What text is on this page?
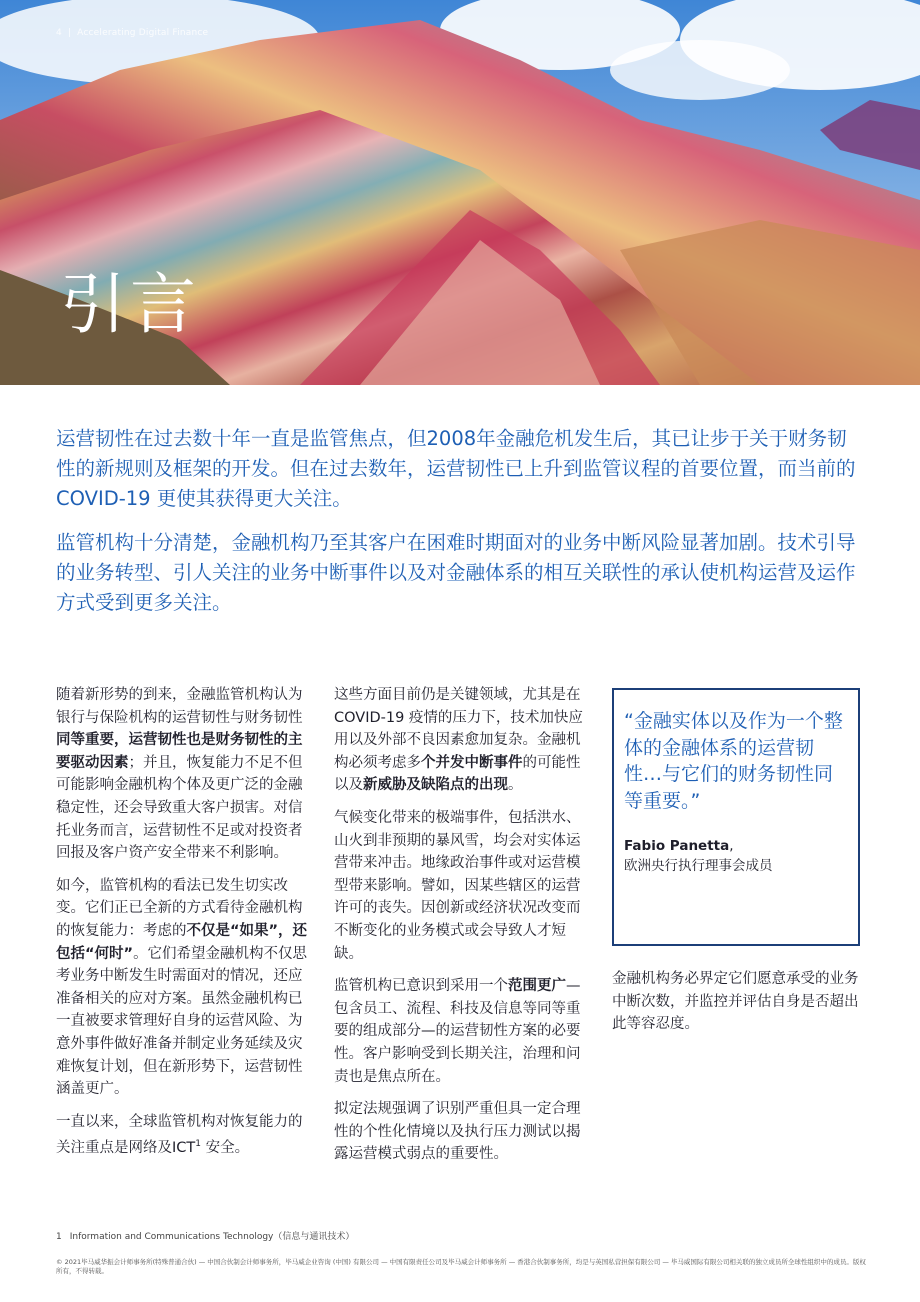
4 | Accelerating Digital Finance
引言

运营韧性在过去数十年一直是监管焦点，但2008年金融危机发生后，其已让步于关于财务韧性的新规则及框架的开发。但在过去数年，运营韧性已上升到监管议程的首要位置，而当前的COVID-19 更使其获得更大关注。

监管机构十分清楚，金融机构乃至其客户在困难时期面对的业务中断风险显著加剧。技术引导的业务转型、引人关注的业务中断事件以及对金融体系的相互关联性的承认使机构运营及运作方式受到更多关注。

随着新形势的到来，金融监管机构认为银行与保险机构的运营韧性与财务韧性同等重要，运营韧性也是财务韧性的主要驱动因素；并且，恢复能力不足不但可能影响金融机构个体及更广泛的金融稳定性，还会导致重大客户损害。对信托业务而言，运营韧性不足或对投资者回报及客户资产安全带来不利影响。

如今，监管机构的看法已发生切实改变。它们正已全新的方式看待金融机构的恢复能力：考虑的不仅是“如果”，还包括“何时”。它们希望金融机构不仅思考业务中断发生时需面对的情况，还应准备相关的应对方案。虽然金融机构已一直被要求管理好自身的运营风险、为意外事件做好准备并制定业务延续及灾难恢复计划，但在新形势下，运营韧性涵盖更广。

一直以来，全球监管机构对恢复能力的关注重点是网络及ICT$^1$ 安全。

这些方面目前仍是关键领域，尤其是在COVID-19 疫情的压力下，技术加快应用以及外部不良因素愈加复杂。金融机构必须考虑多个并发中断事件的可能性以及新威胁及缺陷点的出现。

气候变化带来的极端事件，包括洪水、山火到非预期的暴风雪，均会对实体运营带来冲击。地缘政治事件或对运营模型带来影响。譬如，因某些辖区的运营许可的丧失。因创新或经济状况改变而不断变化的业务模式或会导致人才短缺。

监管机构已意识到采用一个范围更广—包含员工、流程、科技及信息等同等重要的组成部分—的运营韧性方案的必要性。客户影响受到长期关注，治理和问责也是焦点所在。

拟定法规强调了识别严重但具一定合理性的个性化情境以及执行压力测试以揭露运营模式弱点的重要性。

“金融实体以及作为一个整体的金融体系的运营韧性…与它们的财务韧性同等重要。”

Fabio Panetta,
欧洲央行执行理事会成员

金融机构务必界定它们愿意承受的业务中断次数，并监控并评估自身是否超出此等容忍度。

1 Information and Communications Technology（信息与通讯技术）
© 2021毕马威华振会计师事务所(特殊普通合伙) — 中国合伙制会计师事务所，毕马威企业咨询 (中国) 有限公司 — 中国有限责任公司及毕马威会计师事务所 — 香港合伙制事务所，均是与英国私营担保有限公司 — 毕马威国际有限公司相关联的独立成员所全球性组织中的成员。版权所有，不得转载。
